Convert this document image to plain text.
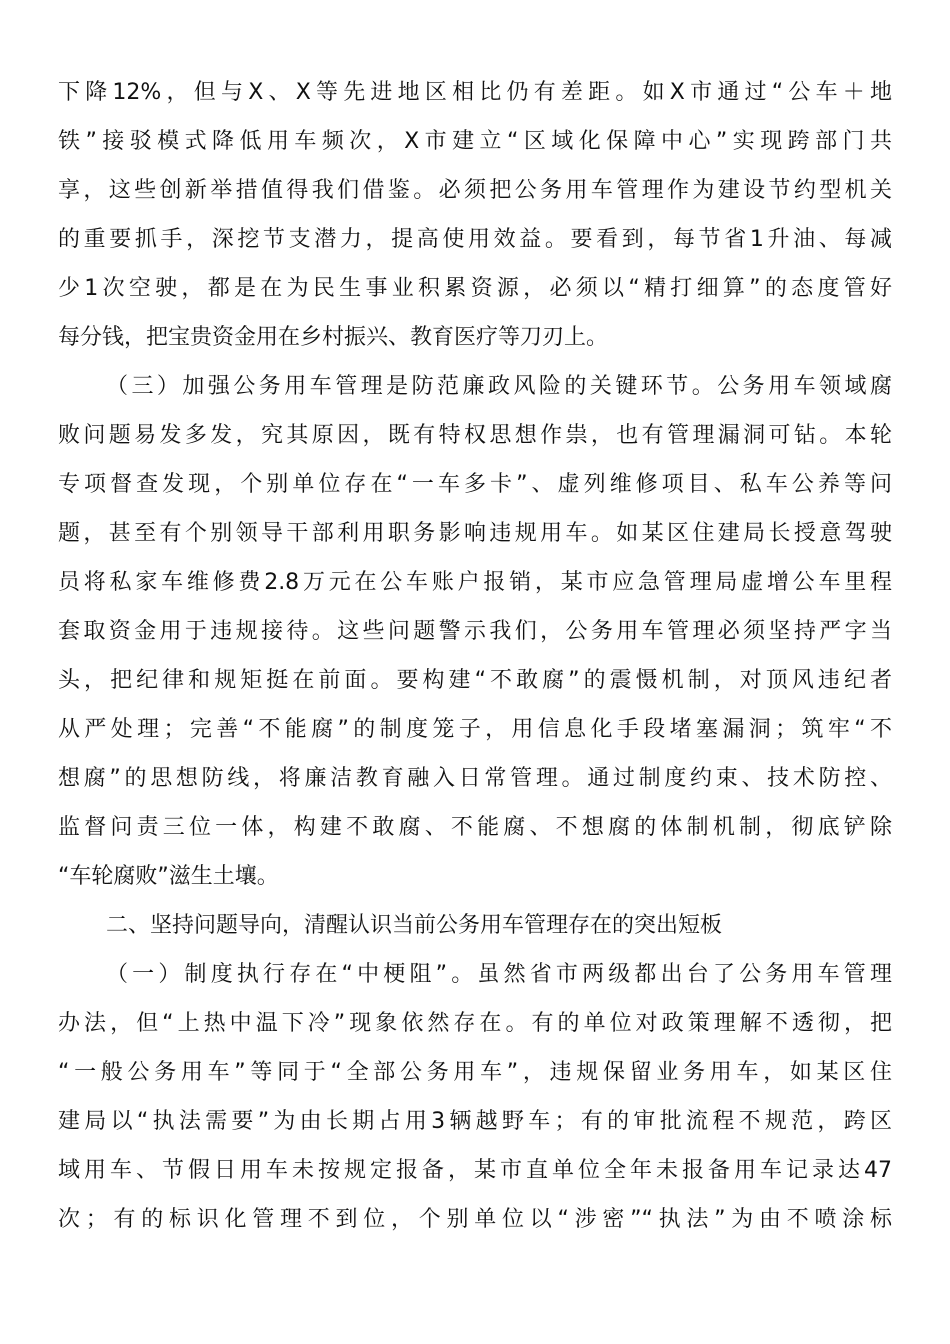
下降12%，但与X、X等先进地区相比仍有差距。如X市通过“公车＋地
铁”接驳模式降低用车频次，X市建立“区域化保障中心”实现跨部门共
享，这些创新举措值得我们借鉴。必须把公务用车管理作为建设节约型机关
的重要抓手，深挖节支潜力，提高使用效益。要看到，每节省1升油、每减
少1次空驶，都是在为民生事业积累资源，必须以“精打细算”的态度管好
每分钱，把宝贵资金用在乡村振兴、教育医疗等刀刃上。
（三）加强公务用车管理是防范廉政风险的关键环节。公务用车领域腐
败问题易发多发，究其原因，既有特权思想作祟，也有管理漏洞可钻。本轮
专项督查发现，个别单位存在“一车多卡”、虚列维修项目、私车公养等问
题，甚至有个别领导干部利用职务影响违规用车。如某区住建局长授意驾驶
员将私家车维修费2.8万元在公车账户报销，某市应急管理局虚增公车里程
套取资金用于违规接待。这些问题警示我们，公务用车管理必须坚持严字当
头，把纪律和规矩挺在前面。要构建“不敢腐”的震慑机制，对顶风违纪者
从严处理；完善“不能腐”的制度笼子，用信息化手段堵塞漏洞；筑牢“不
想腐”的思想防线，将廉洁教育融入日常管理。通过制度约束、技术防控、
监督问责三位一体，构建不敢腐、不能腐、不想腐的体制机制，彻底铲除
“车轮腐败”滋生土壤。
二、坚持问题导向，清醒认识当前公务用车管理存在的突出短板
（一）制度执行存在“中梗阻”。虽然省市两级都出台了公务用车管理
办法，但“上热中温下冷”现象依然存在。有的单位对政策理解不透彻，把
“一般公务用车”等同于“全部公务用车”，违规保留业务用车，如某区住
建局以“执法需要”为由长期占用3辆越野车；有的审批流程不规范，跨区
域用车、节假日用车未按规定报备，某市直单位全年未报备用车记录达47
次；有的标识化管理不到位，个别单位以“涉密”“执法”为由不喷涂标
